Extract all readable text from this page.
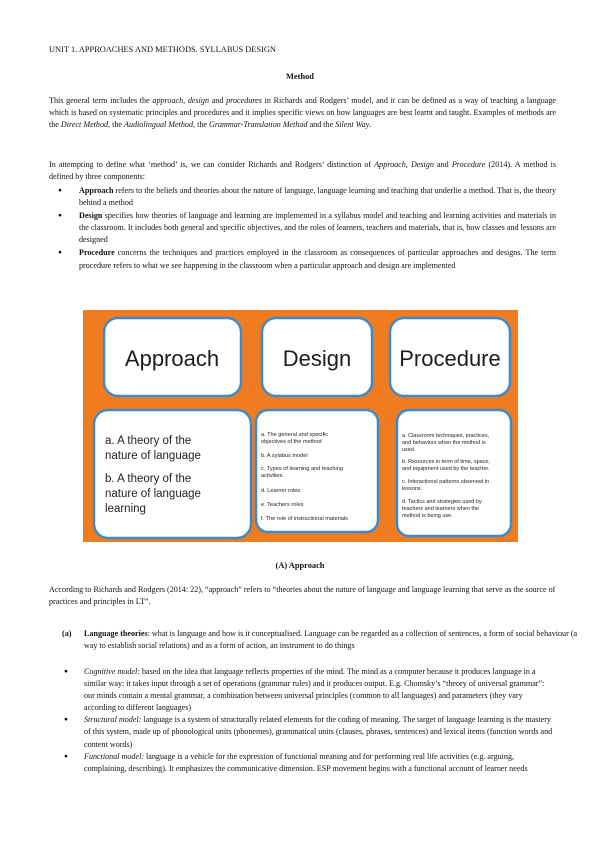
UNIT 1. APPROACHES AND METHODS. SYLLABUS DESIGN
Method
This general term includes the approach, design and procedures in Richards and Rodgers’ model, and it can be defined as a way of teaching a language which is based on systematic principles and procedures and it implies specific views on how languages are best learnt and taught. Examples of methods are the Direct Method, the Audiolingual Method, the Grammar-Translation Method and the Silent Way.
In attempting to define what ‘method’ is, we can consider Richards and Rodgers’ distinction of Approach, Design and Procedure (2014). A method is defined by three components:
● Approach refers to the beliefs and theories about the nature of language, language learning and teaching that underlie a method. That is, the theory behind a method
● Design specifies how theories of language and learning are implemented in a syllabus model and teaching and learning activities and materials in the classroom. It includes both general and specific objectives, and the roles of learners, teachers and materials, that is, how classes and lessons are designed
● Procedure concerns the techniques and practices employed in the classroom as consequences of particular approaches and designs. The term procedure refers to what we see happening in the classroom when a particular approach and design are implemented
Approach
a. A theory of the
nature of language
b. A theory of the
nature of language
learning
Design
a. The general and specific
objectives of the method
b. A sylabus model
c. Types of learning and teaching
activities.
d. Learner roles
e. Teachers roles
f. The role of instructional materials
Procedure
a. Classroom techniques, practices,
and behaviors when the method is
used.
b. Resources in term of time, space,
and equipment used by the teacher.
c. Interactional patterns observed in
lessons.
d. Tactics and strategies used by
teachers and learners when the
method is being use.
(A) Approach
According to Richards and Rodgers (2014: 22), “approach” refers to “theories about the nature of language and language learning that serve as the source of practices and principles in LT”.
(a) Language theories: what is language and how is it conceptualised. Language can be regarded as a collection of sentences, a form of social behaviour (a way to establish social relations) and as a form of action, an instrument to do things
● Cognitive model: based on the idea that language reflects properties of the mind. The mind as a computer because it produces language in a similar way: it takes input through a set of operations (grammar rules) and it produces output. E.g. Chomsky’s “theory of universal grammar”: our minds contain a mental grammar, a combination between universal principles (common to all languages) and parameters (they vary according to different languages)
● Structural model: language is a system of structurally related elements for the coding of meaning. The target of language learning is the mastery of this system, made up of phonological units (phonemes), grammatical units (clauses, phrases, sentences) and lexical items (function words and content words)
● Functional model: language is a vehicle for the expression of functional meaning and for performing real life activities (e.g. arguing, complaining, describing). It emphasizes the communicative dimension. ESP movement begins with a functional account of learner needs
